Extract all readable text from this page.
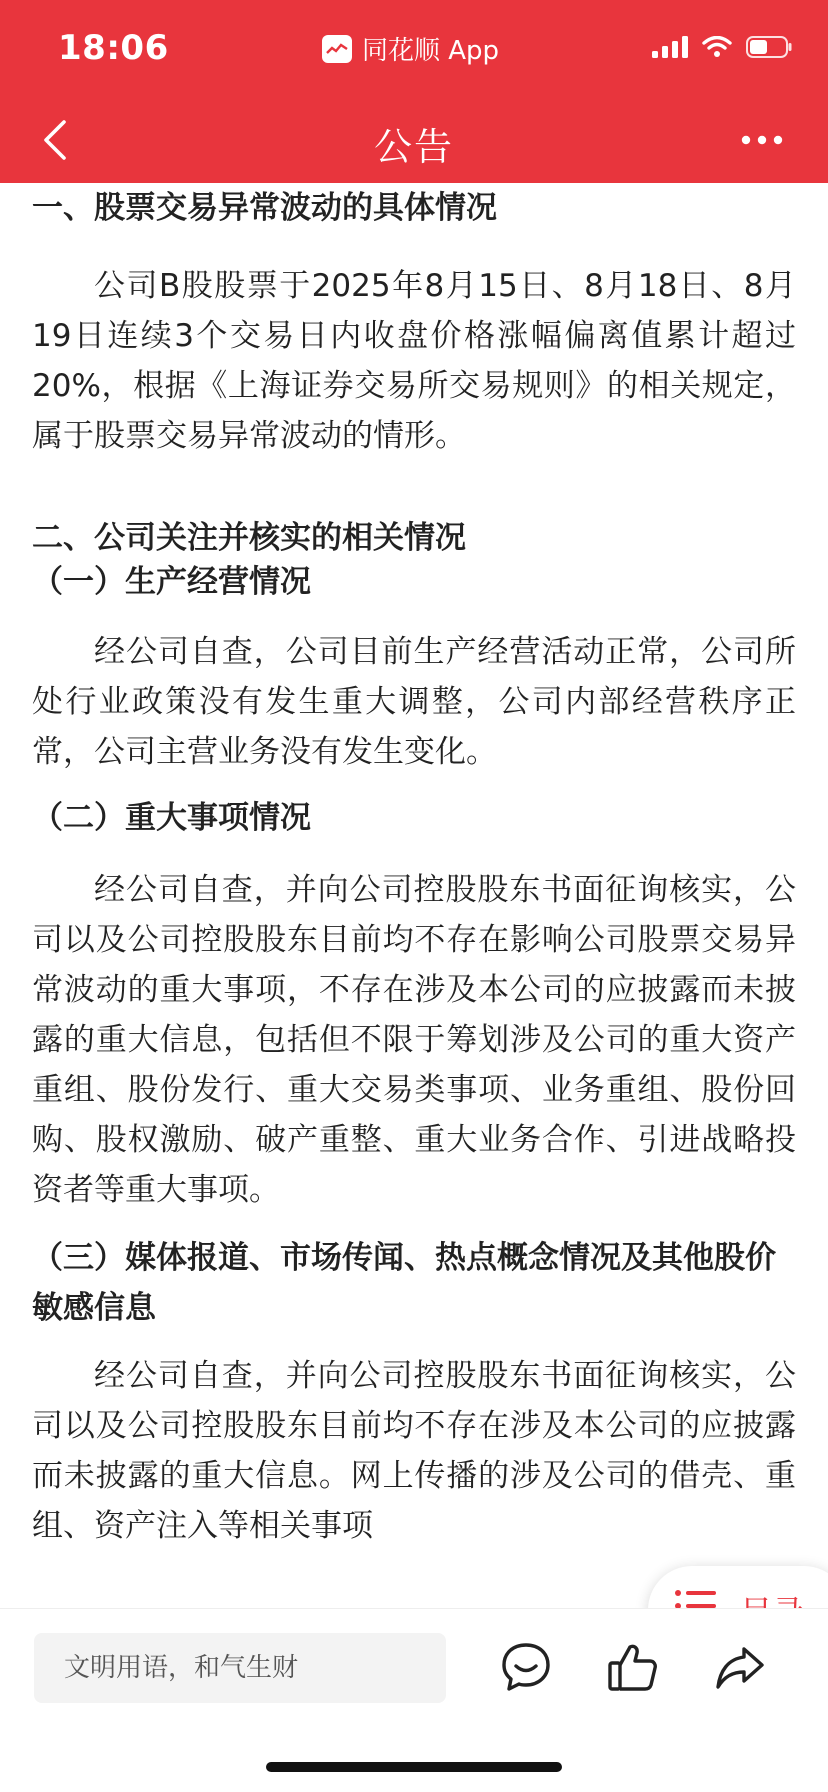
18:06	同花顺 App
公告
一、股票交易异常波动的具体情况

公司B股股票于2025年8月15日、8月18日、8月19日连续3个交易日内收盘价格涨幅偏离值累计超过20%，根据《上海证券交易所交易规则》的相关规定，属于股票交易异常波动的情形。

二、公司关注并核实的相关情况
（一）生产经营情况

经公司自查，公司目前生产经营活动正常，公司所处行业政策没有发生重大调整，公司内部经营秩序正常，公司主营业务没有发生变化。

（二）重大事项情况

经公司自查，并向公司控股股东书面征询核实，公司以及公司控股股东目前均不存在影响公司股票交易异常波动的重大事项，不存在涉及本公司的应披露而未披露的重大信息，包括但不限于筹划涉及公司的重大资产重组、股份发行、重大交易类事项、业务重组、股份回购、股权激励、破产重整、重大业务合作、引进战略投资者等重大事项。

（三）媒体报道、市场传闻、热点概念情况及其他股价敏感信息

经公司自查，并向公司控股股东书面征询核实，公司以及公司控股股东目前均不存在涉及本公司的应披露而未披露的重大信息。网上传播的涉及公司的借壳、重组、资产注入等相关事项

文明用语，和气生财
